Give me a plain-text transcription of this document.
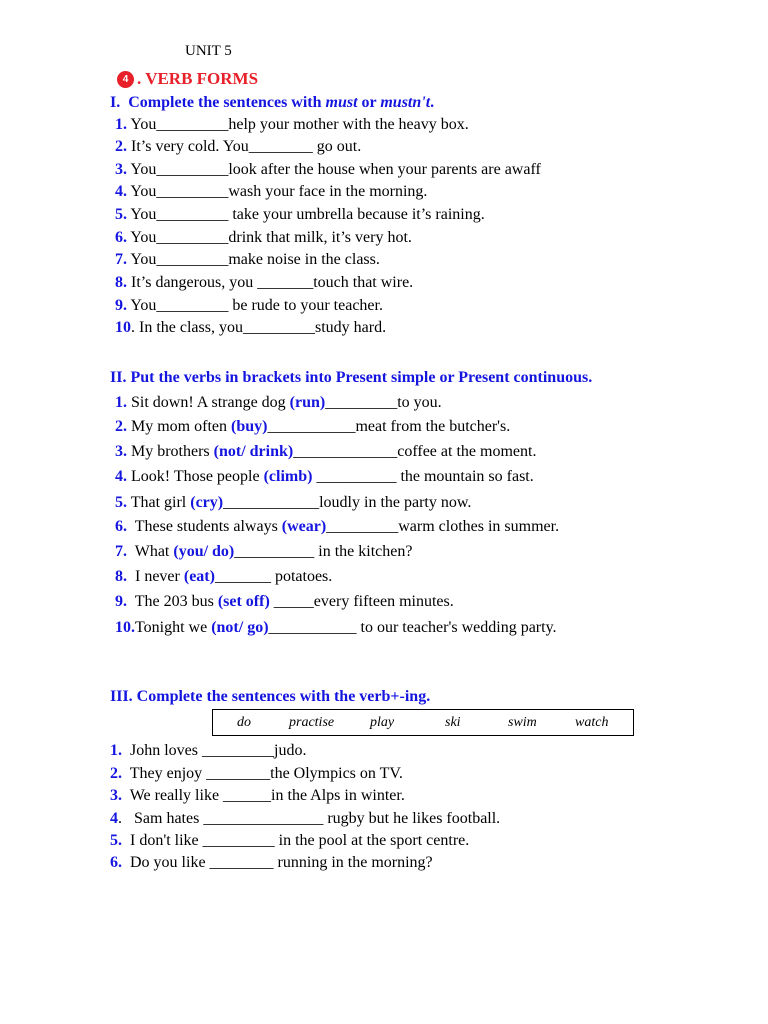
UNIT 5
4 . VERB FORMS
I. Complete the sentences with must or mustn't.
1. You_________help your mother with the heavy box.
2. It’s very cold. You________ go out.
3. You_________look after the house when your parents are awaff
4. You_________wash your face in the morning.
5. You_________ take your umbrella because it’s raining.
6. You_________drink that milk, it’s very hot.
7. You_________make noise in the class.
8. It’s dangerous, you _______touch that wire.
9. You_________ be rude to your teacher.
10. In the class, you_________study hard.
II. Put the verbs in brackets into Present simple or Present continuous.
1. Sit down! A strange dog (run)_________to you.
2. My mom often (buy)___________meat from the butcher's.
3. My brothers (not/ drink)_____________coffee at the moment.
4. Look! Those people (climb) __________ the mountain so fast.
5. That girl (cry)____________loudly in the party now.
6.  These students always (wear)_________warm clothes in summer.
7.  What (you/ do)__________ in the kitchen?
8.  I never (eat)_______ potatoes.
9.  The 203 bus (set off) _____every fifteen minutes.
10.Tonight we (not/ go)___________ to our teacher's wedding party.
III. Complete the sentences with the verb+-ing.

do

	practise

	play

	ski

	swim

	watch

1.  John loves _________judo.
2.  They enjoy ________the Olympics on TV.
3.  We really like ______in the Alps in winter.
4.   Sam hates _______________ rugby but he likes football.
5.  I don't like _________ in the pool at the sport centre.
6.  Do you like ________ running in the morning?
